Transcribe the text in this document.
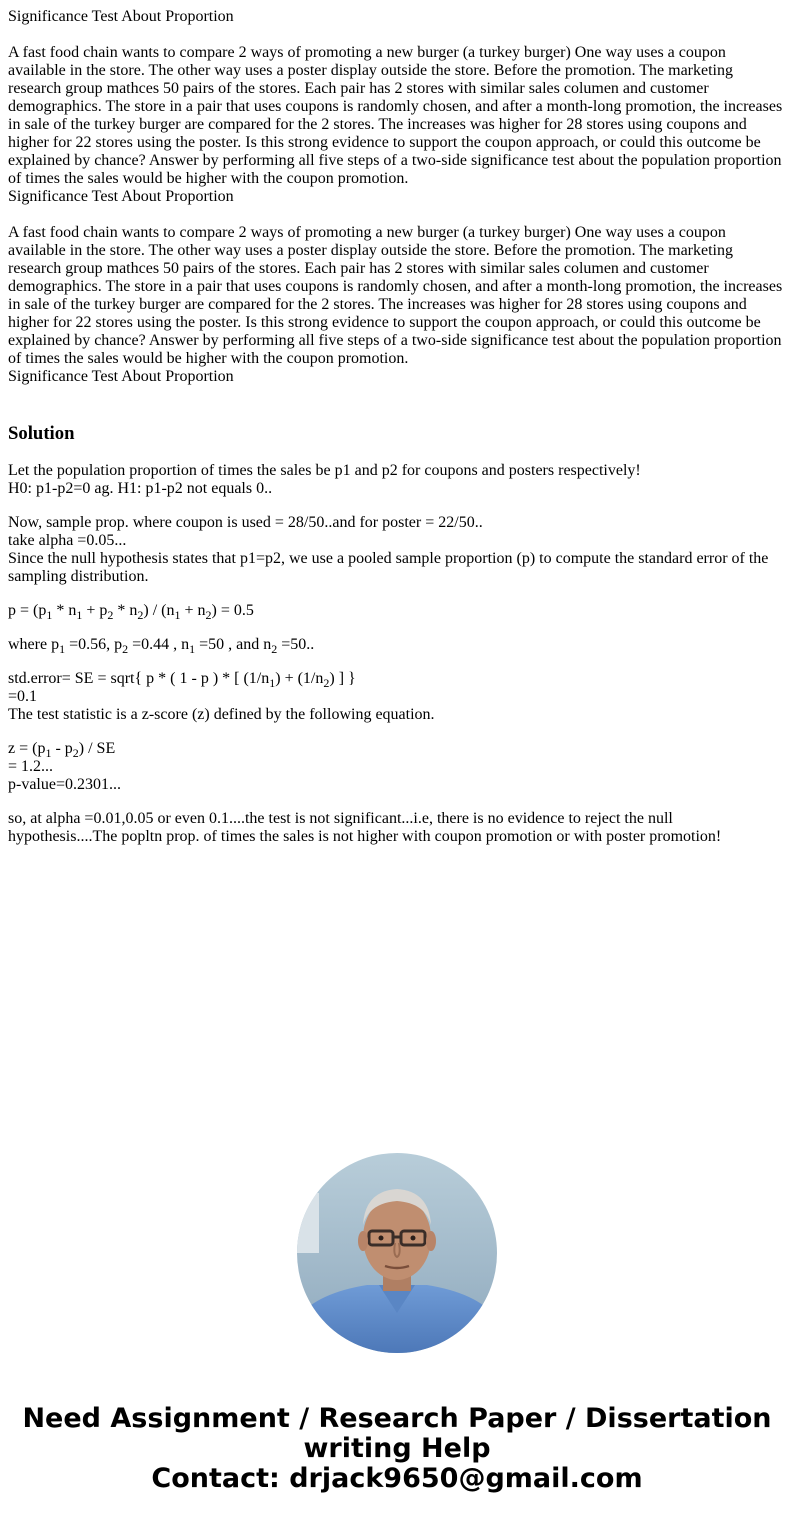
Significance Test About Proportion
A fast food chain wants to compare 2 ways of promoting a new burger (a turkey burger) One way uses a coupon available in the store. The other way uses a poster display outside the store. Before the promotion. The marketing research group mathces 50 pairs of the stores. Each pair has 2 stores with similar sales columen and customer demographics. The store in a pair that uses coupons is randomly chosen, and after a month-long promotion, the increases in sale of the turkey burger are compared for the 2 stores. The increases was higher for 28 stores using coupons and higher for 22 stores using the poster. Is this strong evidence to support the coupon approach, or could this outcome be explained by chance? Answer by performing all five steps of a two-side significance test about the population proportion of times the sales would be higher with the coupon promotion.
Significance Test About Proportion
A fast food chain wants to compare 2 ways of promoting a new burger (a turkey burger) One way uses a coupon available in the store. The other way uses a poster display outside the store. Before the promotion. The marketing research group mathces 50 pairs of the stores. Each pair has 2 stores with similar sales columen and customer demographics. The store in a pair that uses coupons is randomly chosen, and after a month-long promotion, the increases in sale of the turkey burger are compared for the 2 stores. The increases was higher for 28 stores using coupons and higher for 22 stores using the poster. Is this strong evidence to support the coupon approach, or could this outcome be explained by chance? Answer by performing all five steps of a two-side significance test about the population proportion of times the sales would be higher with the coupon promotion.
Significance Test About Proportion
Solution

Let the population proportion of times the sales be p1 and p2 for coupons and posters respectively!
H0: p1-p2=0 ag. H1: p1-p2 not equals 0..

Now, sample prop. where coupon is used = 28/50..and for poster = 22/50..
take alpha =0.05...
Since the null hypothesis states that p1=p2, we use a pooled sample proportion (p) to compute the standard error of the sampling distribution.

$p = (p_1 * n_1 + p_2 * n_2) / (n_1 + n_2) = 0.5$

where $p_1 =0.56$, $p_2 =0.44$ , $n_1 =50$ , and $n_2 =50$..

std.error= SE = sqrt{ p * ( 1 - p ) * [ $(1/n_1) + (1/n_2)$ ] }
=0.1
The test statistic is a z-score (z) defined by the following equation.

$z = (p_1 - p_2)$ / SE
= 1.2...
p-value=0.2301...

so, at alpha =0.01,0.05 or even 0.1....the test is not significant...i.e, there is no evidence to reject the null hypothesis....The popltn prop. of times the sales is not higher with coupon promotion or with poster promotion!

Need Assignment / Research Paper / Dissertation
writing Help
Contact: drjack9650@gmail.com
